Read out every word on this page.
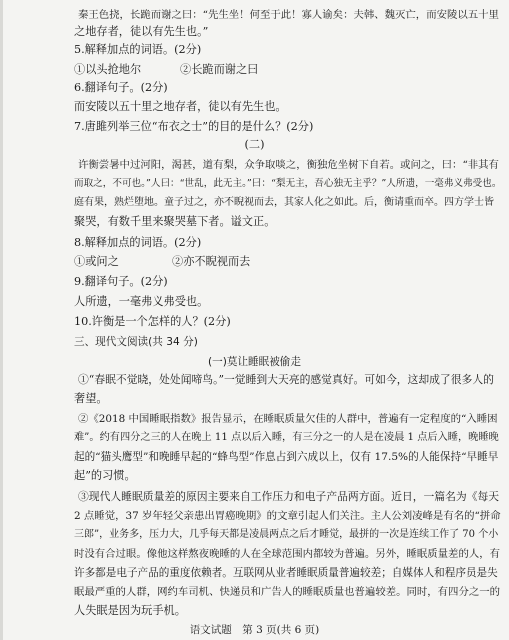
秦王色挠，长跪而谢之曰：“先生坐！何至于此！寡人谕矣：夫韩、魏灭亡，而安陵以五十里

之地存者，徒以有先生也。”

5.解释加点的词语。(2分)

①以头抢地尔	②长跪而谢之曰

6.翻译句子。(2分)

而安陵以五十里之地存者，徒以有先生也。

7.唐雎列举三位“布衣之士”的目的是什么？(2分)

(二)

许衡尝暑中过河阳，渴甚，道有梨，众争取啖之，衡独危坐树下自若。或问之，曰：“非其有

而取之，不可也。”人曰：“世乱，此无主。”曰：“梨无主，吾心独无主乎？”人所遗，一毫弗义弗受也。

庭有果，熟烂堕地。童子过之，亦不睨视而去，其家人化之如此。后，衡请重而卒。四方学士皆

聚哭，有数千里来聚哭墓下者。谥文正。

8.解释加点的词语。(2分)

①或问之	②亦不睨视而去

9.翻译句子。(2分)

人所遗，一毫弗义弗受也。

10.许衡是一个怎样的人？(2分)

三、现代文阅读(共 34 分)

(一)莫让睡眠被偷走

①“春眠不觉晓，处处闻啼鸟。”一觉睡到大天亮的感觉真好。可如今，这却成了很多人的

奢望。

②《2018 中国睡眠指数》报告显示，在睡眠质量欠佳的人群中，普遍有一定程度的“入睡困

难”。约有四分之三的人在晚上 11 点以后入睡，有三分之一的人是在凌晨 1 点后入睡，晚睡晚

起的“猫头鹰型”和晚睡早起的“蜂鸟型”作息占到六成以上，仅有 17.5%的人能保持“早睡早

起”的习惯。

③现代人睡眠质量差的原因主要来自工作压力和电子产品两方面。近日，一篇名为《每天

2 点睡觉，37 岁年轻父亲患出胃癌晚期》的文章引起人们关注。主人公刘凌峰是有名的“拼命

三郎”，业务多，压力大，几乎每天都是凌晨两点之后才睡觉，最拼的一次是连续工作了 70 个小

时没有合过眼。像他这样熬夜晚睡的人在全球范围内都较为普遍。另外，睡眠质量差的人，有

许多都是电子产品的重度依赖者。互联网从业者睡眠质量普遍较差；自媒体人和程序员是失

眠最严重的人群，网约车司机、快递员和广告人的睡眠质量也普遍较差。同时，有四分之一的

人失眠是因为玩手机。

语文试题　第 3 页(共 6 页)
